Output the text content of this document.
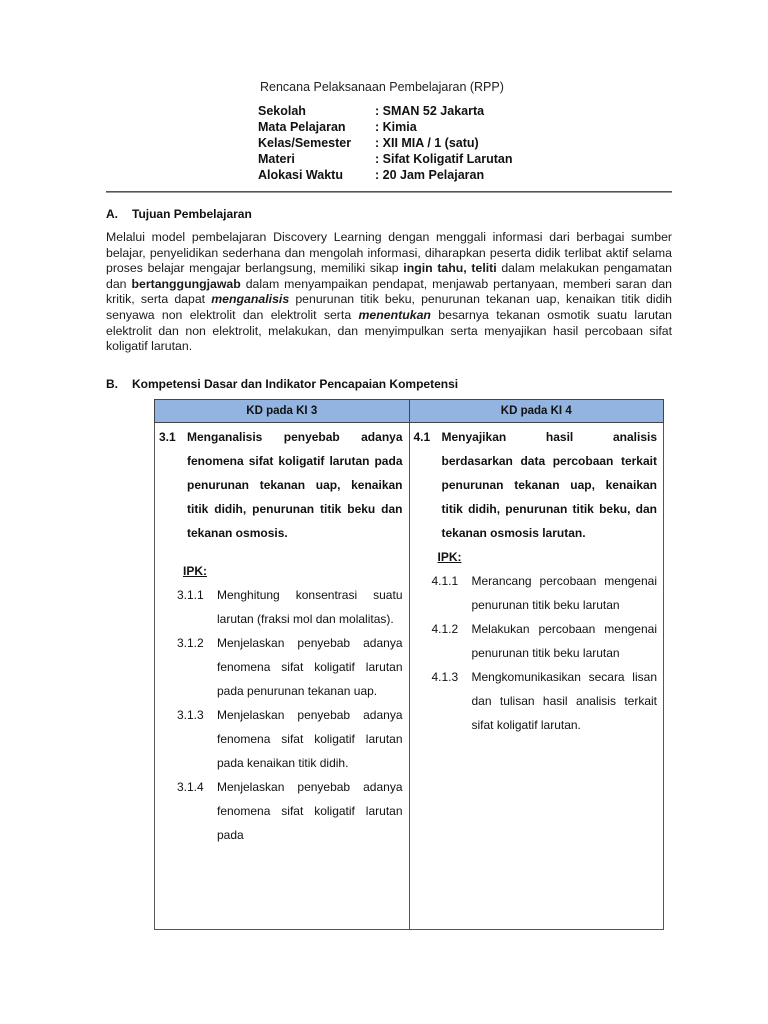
Rencana Pelaksanaan Pembelajaran (RPP)
Sekolah	: SMAN 52 Jakarta
Mata Pelajaran	: Kimia
Kelas/Semester	: XII MIA / 1 (satu)
Materi	: Sifat Koligatif Larutan
Alokasi Waktu	: 20 Jam Pelajaran
A.	Tujuan Pembelajaran
Melalui model pembelajaran Discovery Learning dengan menggali informasi dari berbagai sumber belajar, penyelidikan sederhana dan mengolah informasi, diharapkan peserta didik terlibat aktif selama proses belajar mengajar berlangsung, memiliki sikap ingin tahu, teliti dalam melakukan pengamatan dan bertanggungjawab dalam menyampaikan pendapat, menjawab pertanyaan, memberi saran dan kritik, serta dapat menganalisis penurunan titik beku, penurunan tekanan uap, kenaikan titik didih senyawa non elektrolit dan elektrolit serta menentukan besarnya tekanan osmotik suatu larutan elektrolit dan non elektrolit, melakukan, dan menyimpulkan serta menyajikan hasil percobaan sifat koligatif larutan.
B.	Kompetensi Dasar dan Indikator Pencapaian Kompetensi
KD pada KI 3	KD pada KI 4

3.1 Menganalisis penyebab adanya fenomena sifat koligatif larutan pada penurunan tekanan uap, kenaikan titik didih, penurunan titik beku dan tekanan osmosis.
IPK:
3.1.1	Menghitung konsentrasi suatu larutan (fraksi mol dan molalitas).
3.1.2	Menjelaskan penyebab adanya fenomena sifat koligatif larutan pada penurunan tekanan uap.
3.1.3	Menjelaskan penyebab adanya fenomena sifat koligatif larutan pada kenaikan titik didih.
3.1.4	Menjelaskan penyebab adanya fenomena sifat koligatif larutan pada

4.1 Menyajikan hasil analisis berdasarkan data percobaan terkait penurunan tekanan uap, kenaikan titik didih, penurunan titik beku, dan tekanan osmosis larutan.
IPK:
4.1.1	Merancang percobaan mengenai penurunan titik beku larutan
4.1.2	Melakukan percobaan mengenai penurunan titik beku larutan
4.1.3	Mengkomunikasikan secara lisan dan tulisan hasil analisis terkait sifat koligatif larutan.
